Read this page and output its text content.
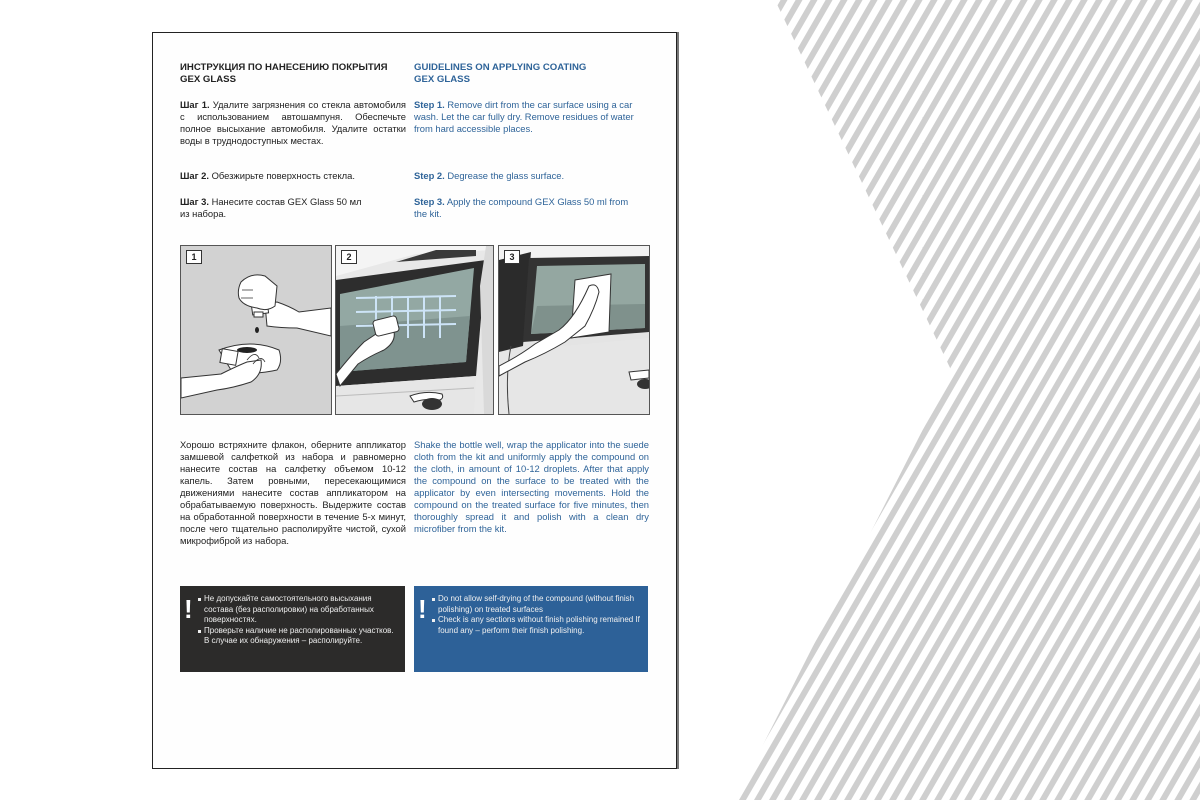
ИНСТРУКЦИЯ ПО НАНЕСЕНИЮ ПОКРЫТИЯ
GEX GLASS

Шаг 1. Удалите загрязнения со стекла автомобиля с использованием автошампуня. Обеспечьте полное высыхание автомобиля. Удалите остатки воды в труднодоступных местах.

Шаг 2. Обезжирьте поверхность стекла.

Шаг 3. Нанесите состав GEX Glass 50 мл из набора.

GUIDELINES ON APPLYING COATING
GEX GLASS

Step 1. Remove dirt from the car surface using a car wash. Let the car fully dry. Remove residues of water from hard accessible places.

Step 2. Degrease the glass surface.

Step 3. Apply the compound GEX Glass 50 ml from the kit.

1	2	3

Хорошо встряхните флакон, оберните аппликатор замшевой салфеткой из набора и равномерно нанесите состав на салфетку объемом 10-12 капель. Затем ровными, пересекающимися движениями нанесите состав аппликатором на обрабатываемую поверхность. Выдержите состав на обработанной поверхности в течение 5-х минут, после чего тщательно располируйте чистой, сухой микрофиброй из набора.

Shake the bottle well, wrap the applicator into the suede cloth from the kit and uniformly apply the compound on the cloth, in amount of 10-12 droplets. After that apply the compound on the surface to be treated with the applicator by even intersecting movements. Hold the compound on the treated surface for five minutes, then thoroughly spread it and polish with a clean dry microfiber from the kit.

!	Не допускайте самостоятельного высыхания состава (без располировки) на обработанных поверхностях.
Проверьте наличие не располированных участков. В случае их обнаружения – располируйте.
!	Do not allow self-drying of the compound (without finish polishing) on treated surfaces
Check is any sections without finish polishing remained If found any – perform their finish polishing.
